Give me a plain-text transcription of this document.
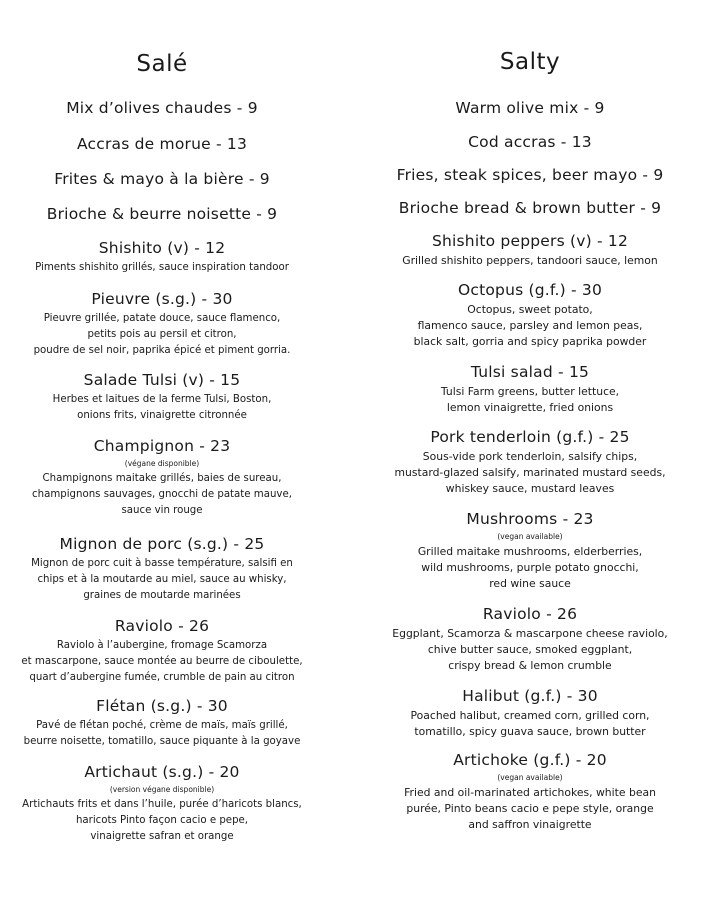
Salé
Mix d’olives chaudes - 9
Accras de morue - 13
Frites & mayo à la bière - 9
Brioche & beurre noisette - 9
Shishito (v) - 12
Piments shishito grillés, sauce inspiration tandoor
Pieuvre (s.g.) - 30
Pieuvre grillée, patate douce, sauce flamenco,
petits pois au persil et citron,
poudre de sel noir, paprika épicé et piment gorria.
Salade Tulsi (v) - 15
Herbes et laitues de la ferme Tulsi, Boston,
onions frits, vinaigrette citronnée
Champignon - 23
(végane disponible)
Champignons maitake grillés, baies de sureau,
champignons sauvages, gnocchi de patate mauve,
sauce vin rouge
Mignon de porc (s.g.) - 25
Mignon de porc cuit à basse température, salsifi en
chips et à la moutarde au miel, sauce au whisky,
graines de moutarde marinées
Raviolo - 26
Raviolo à l’aubergine, fromage Scamorza
et mascarpone, sauce montée au beurre de ciboulette,
quart d’aubergine fumée, crumble de pain au citron
Flétan (s.g.) - 30
Pavé de flétan poché, crème de maïs, maïs grillé,
beurre noisette, tomatillo, sauce piquante à la goyave
Artichaut (s.g.) - 20
(version végane disponible)
Artichauts frits et dans l’huile, purée d’haricots blancs,
haricots Pinto façon cacio e pepe,
vinaigrette safran et orange
Salty
Warm olive mix - 9
Cod accras - 13
Fries, steak spices, beer mayo - 9
Brioche bread & brown butter - 9
Shishito peppers (v) - 12
Grilled shishito peppers, tandoori sauce, lemon
Octopus (g.f.) - 30
Octopus, sweet potato,
flamenco sauce, parsley and lemon peas,
black salt, gorria and spicy paprika powder
Tulsi salad - 15
Tulsi Farm greens, butter lettuce,
lemon vinaigrette, fried onions
Pork tenderloin (g.f.) - 25
Sous-vide pork tenderloin, salsify chips,
mustard-glazed salsify, marinated mustard seeds,
whiskey sauce, mustard leaves
Mushrooms - 23
(vegan available)
Grilled maitake mushrooms, elderberries,
wild mushrooms, purple potato gnocchi,
red wine sauce
Raviolo - 26
Eggplant, Scamorza & mascarpone cheese raviolo,
chive butter sauce, smoked eggplant,
crispy bread & lemon crumble
Halibut (g.f.) - 30
Poached halibut, creamed corn, grilled corn,
tomatillo, spicy guava sauce, brown butter
Artichoke (g.f.) - 20
(vegan available)
Fried and oil-marinated artichokes, white bean
purée, Pinto beans cacio e pepe style, orange
and saffron vinaigrette
